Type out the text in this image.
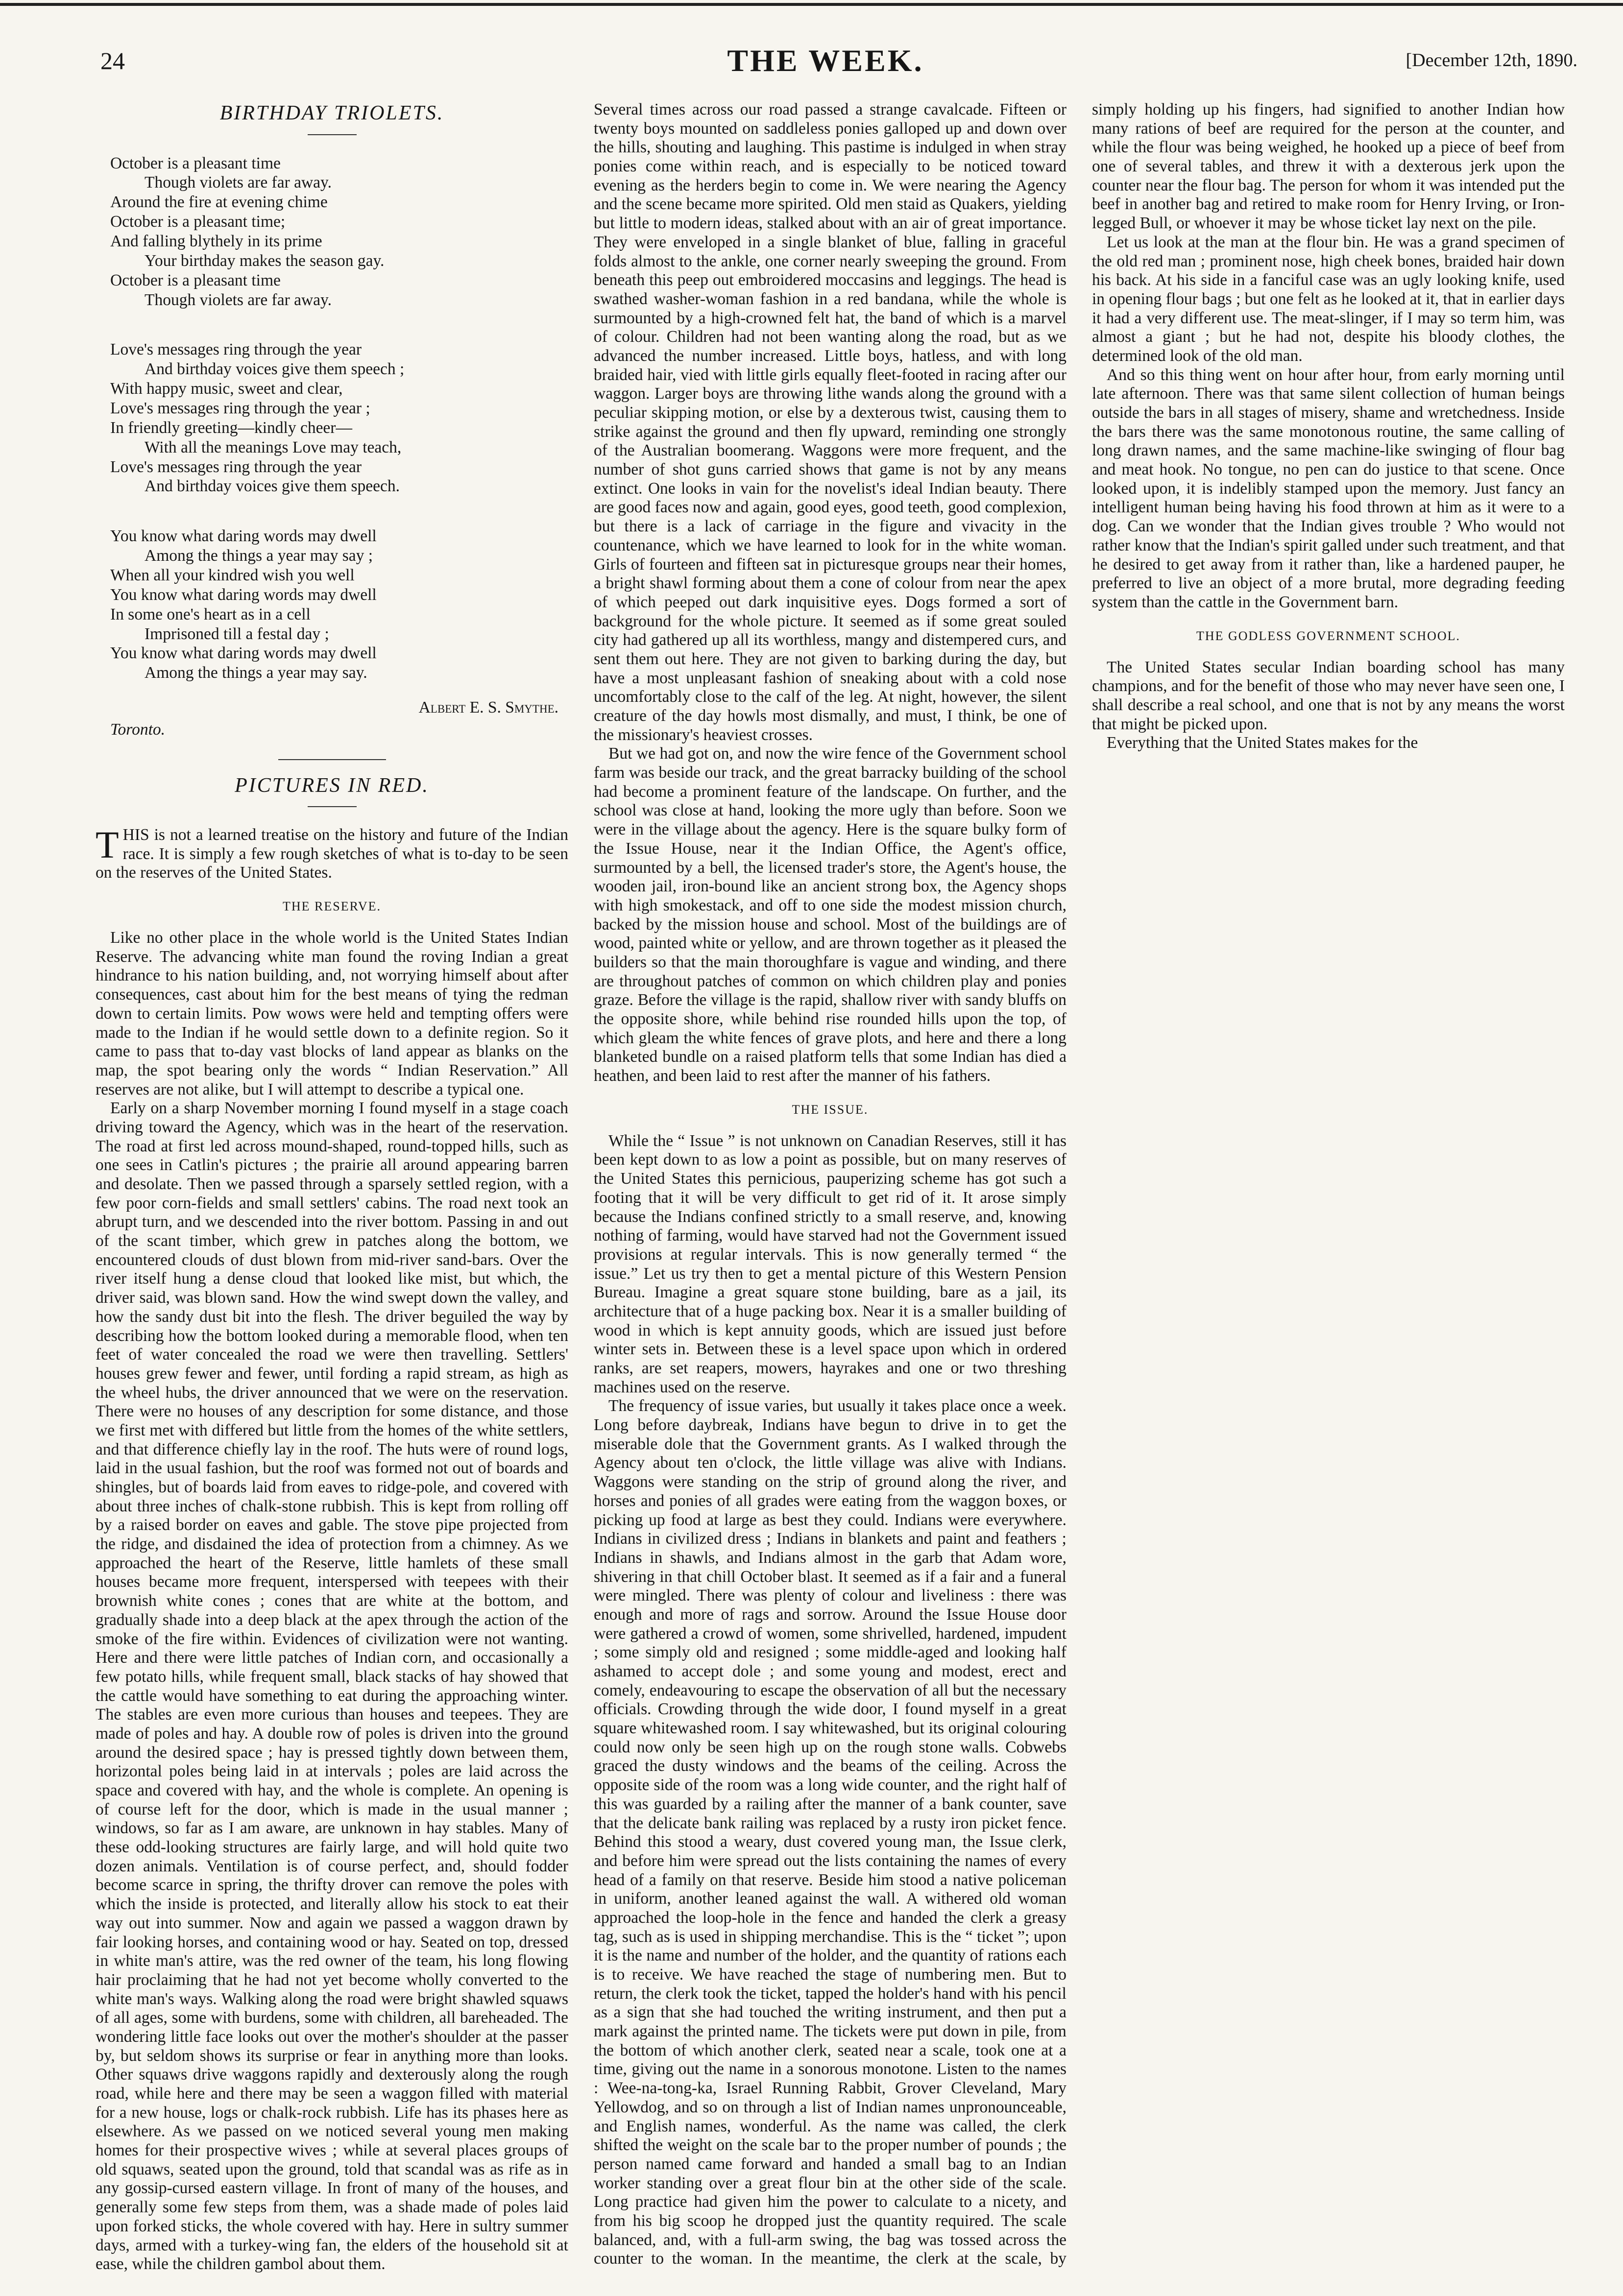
24	THE WEEK.	[December 12th, 1890.
BIRTHDAY TRIOLETS.
October is a pleasant time
Though violets are far away.
Around the fire at evening chime
October is a pleasant time;
And falling blythely in its prime
Your birthday makes the season gay.
October is a pleasant time
Though violets are far away.
Love's messages ring through the year
And birthday voices give them speech ;
With happy music, sweet and clear,
Love's messages ring through the year ;
In friendly greeting—kindly cheer—
With all the meanings Love may teach,
Love's messages ring through the year
And birthday voices give them speech.
You know what daring words may dwell
Among the things a year may say ;
When all your kindred wish you well
You know what daring words may dwell
In some one's heart as in a cell
Imprisoned till a festal day ;
You know what daring words may dwell
Among the things a year may say.
Albert E. S. Smythe.
Toronto.
PICTURES IN RED.

THIS is not a learned treatise on the history and future of the Indian race. It is simply a few rough sketches of what is to-day to be seen on the reserves of the United States.

THE RESERVE.

Like no other place in the whole world is the United States Indian Reserve. The advancing white man found the roving Indian a great hindrance to his nation building, and, not worrying himself about after consequences, cast about him for the best means of tying the redman down to certain limits. Pow wows were held and tempting offers were made to the Indian if he would settle down to a definite region. So it came to pass that to-day vast blocks of land appear as blanks on the map, the spot bearing only the words “ Indian Reservation.” All reserves are not alike, but I will attempt to describe a typical one.

Early on a sharp November morning I found myself in a stage coach driving toward the Agency, which was in the heart of the reservation. The road at first led across mound-shaped, round-topped hills, such as one sees in Catlin's pictures ; the prairie all around appearing barren and desolate. Then we passed through a sparsely settled region, with a few poor corn-fields and small settlers' cabins. The road next took an abrupt turn, and we descended into the river bottom. Passing in and out of the scant timber, which grew in patches along the bottom, we encountered clouds of dust blown from mid-river sand-bars. Over the river itself hung a dense cloud that looked like mist, but which, the driver said, was blown sand. How the wind swept down the valley, and how the sandy dust bit into the flesh. The driver beguiled the way by describing how the bottom looked during a memorable flood, when ten feet of water concealed the road we were then travelling. Settlers' houses grew fewer and fewer, until fording a rapid stream, as high as the wheel hubs, the driver announced that we were on the reservation. There were no houses of any description for some distance, and those we first met with differed but little from the homes of the white settlers, and that difference chiefly lay in the roof. The huts were of round logs, laid in the usual fashion, but the roof was formed not out of boards and shingles, but of boards laid from eaves to ridge-pole, and covered with about three inches of chalk-stone rubbish. This is kept from rolling off by a raised border on eaves and gable. The stove pipe projected from the ridge, and disdained the idea of protection from a chimney. As we approached the heart of the Reserve, little hamlets of these small houses became more frequent, interspersed with teepees with their brownish white cones ; cones that are white at the bottom, and gradually shade into a deep black at the apex through the action of the smoke of the fire within. Evidences of civilization were not wanting. Here and there were little patches of Indian corn, and occasionally a few potato hills, while frequent small, black stacks of hay showed that the cattle would have something to eat during the approaching winter. The stables are even more curious than houses and teepees. They are made of poles and hay. A double row of poles is driven into the ground around the desired space ; hay is pressed tightly down between them, horizontal poles being laid in at intervals ; poles are laid across the space and covered with hay, and the whole is complete. An opening is of course left for the door, which is made in the usual manner ; windows, so far as I am aware, are unknown in hay stables. Many of these odd-looking structures are fairly large, and will hold quite two dozen animals. Ventilation is of course perfect, and, should fodder become scarce in spring, the thrifty drover can remove the poles with which the inside is protected, and literally allow his stock to eat their way out into summer. Now and again we passed a waggon drawn by fair looking horses, and containing wood or hay. Seated on top, dressed in white man's attire, was the red owner of the team, his long flowing hair proclaiming that he had not yet become wholly converted to the white man's ways. Walking along the road were bright shawled squaws of all ages, some with burdens, some with children, all bareheaded. The wondering little face looks out over the mother's shoulder at the passer by, but seldom shows its surprise or fear in anything more than looks. Other squaws drive waggons rapidly and dexterously along the rough road, while here and there may be seen a waggon filled with material for a new house, logs or chalk-rock rubbish. Life has its phases here as elsewhere. As we passed on we noticed several young men making homes for their prospective wives ; while at several places groups of old squaws, seated upon the ground, told that scandal was as rife as in any gossip-cursed eastern village. In front of many of the houses, and generally some few steps from them, was a shade made of poles laid upon forked sticks, the whole covered with hay. Here in sultry summer days, armed with a turkey-wing fan, the elders of the household sit at ease, while the children gambol about them.

Several times across our road passed a strange cavalcade. Fifteen or twenty boys mounted on saddleless ponies galloped up and down over the hills, shouting and laughing. This pastime is indulged in when stray ponies come within reach, and is especially to be noticed toward evening as the herders begin to come in. We were nearing the Agency and the scene became more spirited. Old men staid as Quakers, yielding but little to modern ideas, stalked about with an air of great importance. They were enveloped in a single blanket of blue, falling in graceful folds almost to the ankle, one corner nearly sweeping the ground. From beneath this peep out embroidered moccasins and leggings. The head is swathed washer-woman fashion in a red bandana, while the whole is surmounted by a high-crowned felt hat, the band of which is a marvel of colour. Children had not been wanting along the road, but as we advanced the number increased. Little boys, hatless, and with long braided hair, vied with little girls equally fleet-footed in racing after our waggon. Larger boys are throwing lithe wands along the ground with a peculiar skipping motion, or else by a dexterous twist, causing them to strike against the ground and then fly upward, reminding one strongly of the Australian boomerang. Waggons were more frequent, and the number of shot guns carried shows that game is not by any means extinct. One looks in vain for the novelist's ideal Indian beauty. There are good faces now and again, good eyes, good teeth, good complexion, but there is a lack of carriage in the figure and vivacity in the countenance, which we have learned to look for in the white woman. Girls of fourteen and fifteen sat in picturesque groups near their homes, a bright shawl forming about them a cone of colour from near the apex of which peeped out dark inquisitive eyes. Dogs formed a sort of background for the whole picture. It seemed as if some great souled city had gathered up all its worthless, mangy and distempered curs, and sent them out here. They are not given to barking during the day, but have a most unpleasant fashion of sneaking about with a cold nose uncomfortably close to the calf of the leg. At night, however, the silent creature of the day howls most dismally, and must, I think, be one of the missionary's heaviest crosses.

But we had got on, and now the wire fence of the Government school farm was beside our track, and the great barracky building of the school had become a prominent feature of the landscape. On further, and the school was close at hand, looking the more ugly than before. Soon we were in the village about the agency. Here is the square bulky form of the Issue House, near it the Indian Office, the Agent's office, surmounted by a bell, the licensed trader's store, the Agent's house, the wooden jail, iron-bound like an ancient strong box, the Agency shops with high smokestack, and off to one side the modest mission church, backed by the mission house and school. Most of the buildings are of wood, painted white or yellow, and are thrown together as it pleased the builders so that the main thoroughfare is vague and winding, and there are throughout patches of common on which children play and ponies graze. Before the village is the rapid, shallow river with sandy bluffs on the opposite shore, while behind rise rounded hills upon the top, of which gleam the white fences of grave plots, and here and there a long blanketed bundle on a raised platform tells that some Indian has died a heathen, and been laid to rest after the manner of his fathers.

THE ISSUE.

While the “ Issue ” is not unknown on Canadian Reserves, still it has been kept down to as low a point as possible, but on many reserves of the United States this pernicious, pauperizing scheme has got such a footing that it will be very difficult to get rid of it. It arose simply because the Indians confined strictly to a small reserve, and, knowing nothing of farming, would have starved had not the Government issued provisions at regular intervals. This is now generally termed “ the issue.” Let us try then to get a mental picture of this Western Pension Bureau. Imagine a great square stone building, bare as a jail, its architecture that of a huge packing box. Near it is a smaller building of wood in which is kept annuity goods, which are issued just before winter sets in. Between these is a level space upon which in ordered ranks, are set reapers, mowers, hayrakes and one or two threshing machines used on the reserve.

The frequency of issue varies, but usually it takes place once a week. Long before daybreak, Indians have begun to drive in to get the miserable dole that the Government grants. As I walked through the Agency about ten o'clock, the little village was alive with Indians. Waggons were standing on the strip of ground along the river, and horses and ponies of all grades were eating from the waggon boxes, or picking up food at large as best they could. Indians were everywhere. Indians in civilized dress ; Indians in blankets and paint and feathers ; Indians in shawls, and Indians almost in the garb that Adam wore, shivering in that chill October blast. It seemed as if a fair and a funeral were mingled. There was plenty of colour and liveliness : there was enough and more of rags and sorrow. Around the Issue House door were gathered a crowd of women, some shrivelled, hardened, impudent ; some simply old and resigned ; some middle-aged and looking half ashamed to accept dole ; and some young and modest, erect and comely, endeavouring to escape the observation of all but the necessary officials. Crowding through the wide door, I found myself in a great square whitewashed room. I say whitewashed, but its original colouring could now only be seen high up on the rough stone walls. Cobwebs graced the dusty windows and the beams of the ceiling. Across the opposite side of the room was a long wide counter, and the right half of this was guarded by a railing after the manner of a bank counter, save that the delicate bank railing was replaced by a rusty iron picket fence. Behind this stood a weary, dust covered young man, the Issue clerk, and before him were spread out the lists containing the names of every head of a family on that reserve. Beside him stood a native policeman in uniform, another leaned against the wall. A withered old woman approached the loop-hole in the fence and handed the clerk a greasy tag, such as is used in shipping merchandise. This is the “ ticket ”; upon it is the name and number of the holder, and the quantity of rations each is to receive. We have reached the stage of numbering men. But to return, the clerk took the ticket, tapped the holder's hand with his pencil as a sign that she had touched the writing instrument, and then put a mark against the printed name. The tickets were put down in pile, from the bottom of which another clerk, seated near a scale, took one at a time, giving out the name in a sonorous monotone. Listen to the names : Wee-na-tong-ka, Israel Running Rabbit, Grover Cleveland, Mary Yellowdog, and so on through a list of Indian names unpronounceable, and English names, wonderful. As the name was called, the clerk shifted the weight on the scale bar to the proper number of pounds ; the person named came forward and handed a small bag to an Indian worker standing over a great flour bin at the other side of the scale. Long practice had given him the power to calculate to a nicety, and from his big scoop he dropped just the quantity required. The scale balanced, and, with a full-arm swing, the bag was tossed across the counter to the woman. In the meantime, the clerk at the scale, by

simply holding up his fingers, had signified to another Indian how many rations of beef are required for the person at the counter, and while the flour was being weighed, he hooked up a piece of beef from one of several tables, and threw it with a dexterous jerk upon the counter near the flour bag. The person for whom it was intended put the beef in another bag and retired to make room for Henry Irving, or Iron-legged Bull, or whoever it may be whose ticket lay next on the pile.

Let us look at the man at the flour bin. He was a grand specimen of the old red man ; prominent nose, high cheek bones, braided hair down his back. At his side in a fanciful case was an ugly looking knife, used in opening flour bags ; but one felt as he looked at it, that in earlier days it had a very different use. The meat-slinger, if I may so term him, was almost a giant ; but he had not, despite his bloody clothes, the determined look of the old man.

And so this thing went on hour after hour, from early morning until late afternoon. There was that same silent collection of human beings outside the bars in all stages of misery, shame and wretchedness. Inside the bars there was the same monotonous routine, the same calling of long drawn names, and the same machine-like swinging of flour bag and meat hook. No tongue, no pen can do justice to that scene. Once looked upon, it is indelibly stamped upon the memory. Just fancy an intelligent human being having his food thrown at him as it were to a dog. Can we wonder that the Indian gives trouble ? Who would not rather know that the Indian's spirit galled under such treatment, and that he desired to get away from it rather than, like a hardened pauper, he preferred to live an object of a more brutal, more degrading feeding system than the cattle in the Government barn.

THE GODLESS GOVERNMENT SCHOOL.

The United States secular Indian boarding school has many champions, and for the benefit of those who may never have seen one, I shall describe a real school, and one that is not by any means the worst that might be picked upon.

Everything that the United States makes for the
